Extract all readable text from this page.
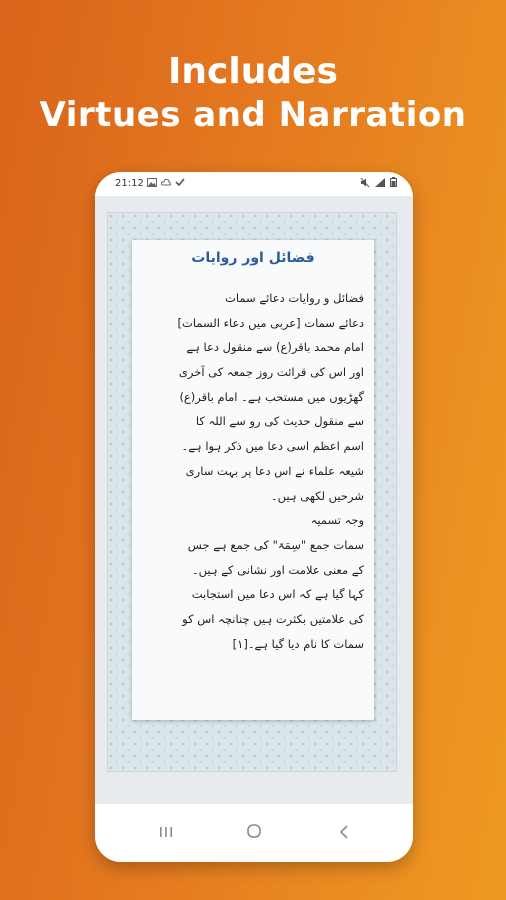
Includes
Virtues and Narration
21:12

فضائل اور روایات
فضائل و روایات دعائے سمات
دعائے سمات [عربی میں دعاء السمات]
امام محمد باقر(ع) سے منقول دعا ہے
اور اس کی قرائت روز جمعہ کی آخری
گھڑیوں میں مستحب ہے۔ امام باقر(ع)
سے منقول حدیث کی رو سے اللہ کا
اسم اعظم اسی دعا میں ذکر ہوا ہے۔
شیعہ علماء نے اس دعا پر بہت ساری
شرحیں لکھی ہیں۔
وجہ تسمیہ
سمات جمع "سِمَۃ" کی جمع ہے جس
کے معنی علامت اور نشانی کے ہیں۔
کہا گیا ہے کہ اس دعا میں استجابت
کی علامتیں بکثرت ہیں چنانچہ اس کو
سمات کا نام دیا گیا ہے۔[۱]
